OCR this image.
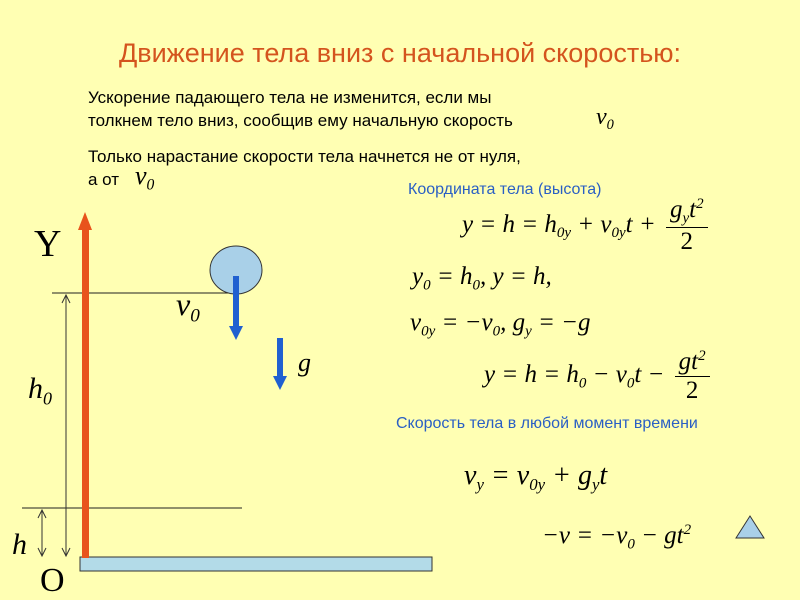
Движение тела вниз с начальной скоростью:
Ускорение падающего тела не изменится, если мы
толкнем тело вниз, сообщив ему начальную скорость	$v_0$
Только нарастание скорости тела начнется не от нуля,
а от $v_0$
Y
O
$h_0$
h
$v_0$
g
Координата тела (высота)
$y = h = h_{0y} + v_{0y}t + \frac{g_yt^2}{2}$
$y_0 = h_0$, y = h,
$v_{0y} = -v_0$, $g_y = -g$
$y = h = h_0 - v_0t - \frac{gt^2}{2}$
Скорость тела в любой момент времени
$v_y = v_{0y} + g_yt$
$-v = -v_0 - gt^2$
